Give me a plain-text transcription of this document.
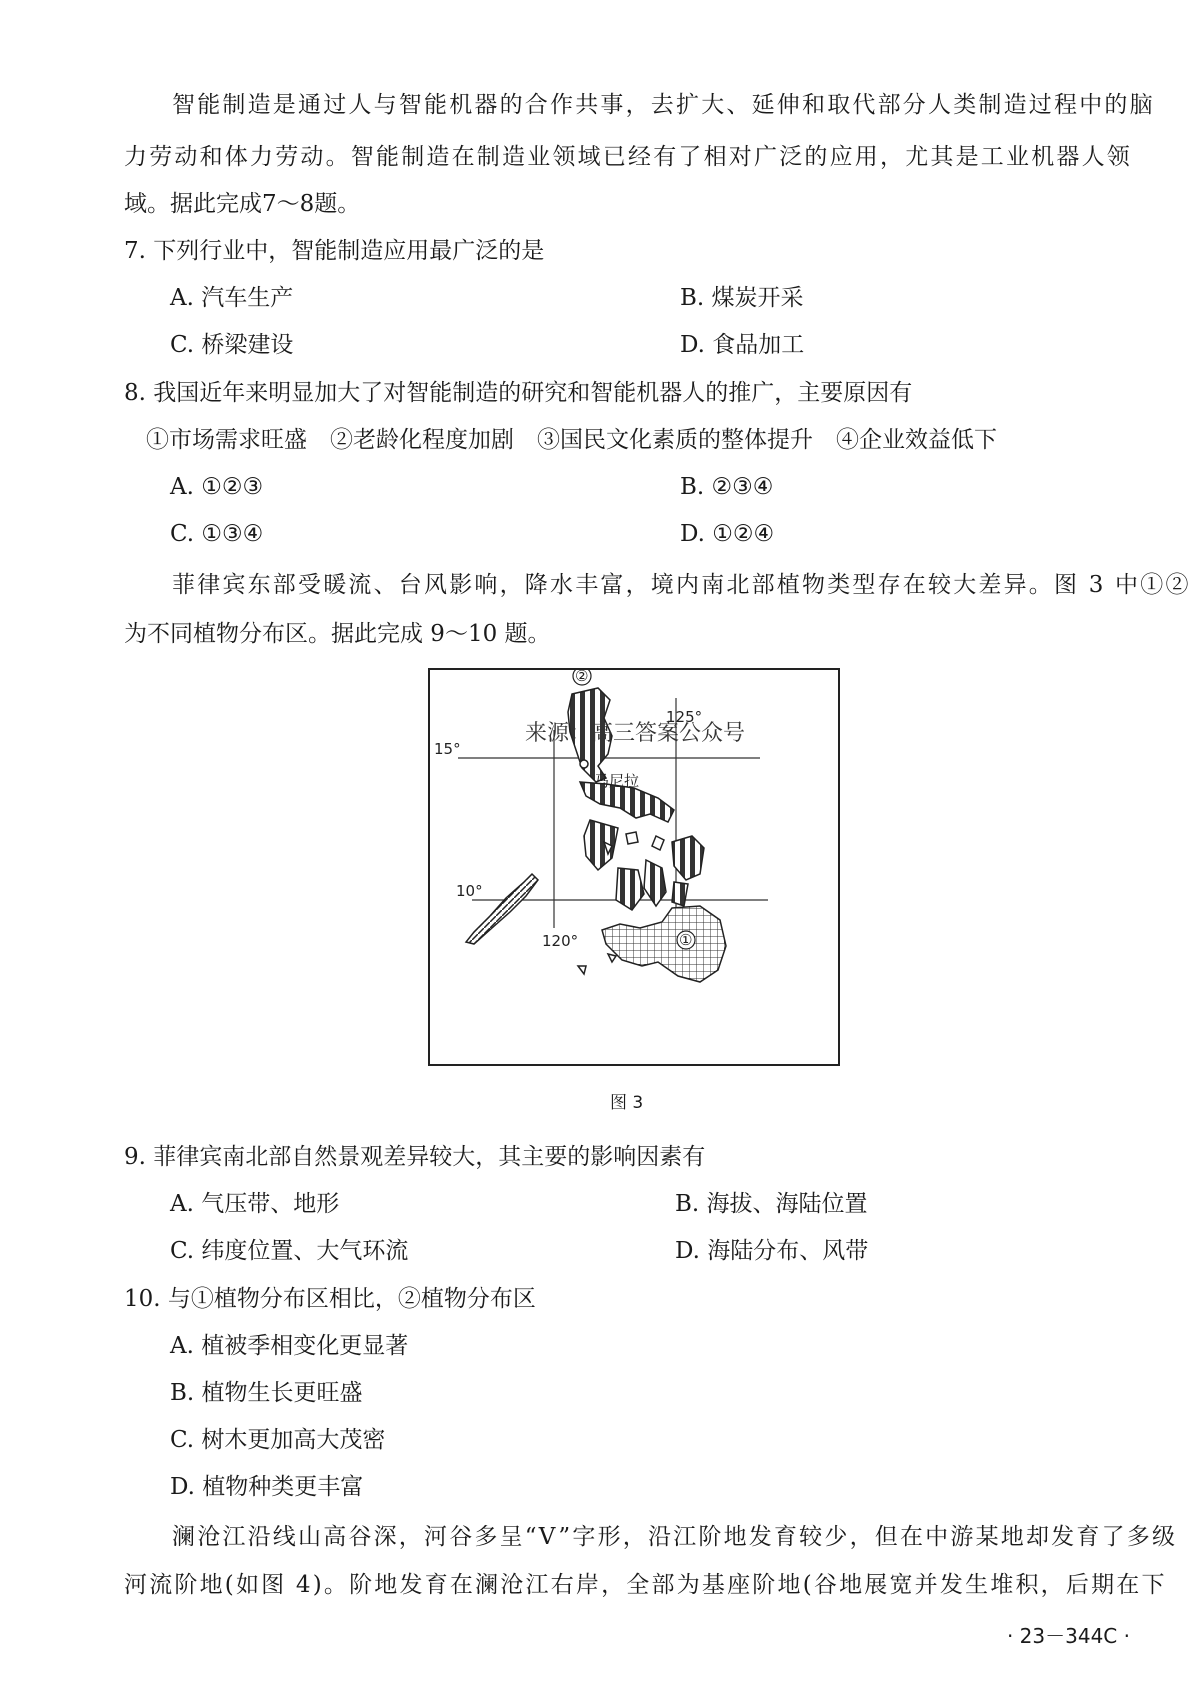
智能制造是通过人与智能机器的合作共事，去扩大、延伸和取代部分人类制造过程中的脑
力劳动和体力劳动。智能制造在制造业领域已经有了相对广泛的应用，尤其是工业机器人领
域。据此完成7～8题。
7. 下列行业中，智能制造应用最广泛的是
A. 汽车生产	B. 煤炭开采
C. 桥梁建设	D. 食品加工
8. 我国近年来明显加大了对智能制造的研究和智能机器人的推广，主要原因有
①市场需求旺盛　②老龄化程度加剧　③国民文化素质的整体提升　④企业效益低下
A. ①②③	B. ②③④
C. ①③④	D. ①②④
菲律宾东部受暖流、台风影响，降水丰富，境内南北部植物类型存在较大差异。图 3 中①②
为不同植物分布区。据此完成 9～10 题。
125°
15°
10°
120°
马尼拉
②
①
来源：高三答案公众号
图 3
9. 菲律宾南北部自然景观差异较大，其主要的影响因素有
A. 气压带、地形	B. 海拔、海陆位置
C. 纬度位置、大气环流	D. 海陆分布、风带
10. 与①植物分布区相比，②植物分布区
A. 植被季相变化更显著
B. 植物生长更旺盛
C. 树木更加高大茂密
D. 植物种类更丰富
澜沧江沿线山高谷深，河谷多呈“V”字形，沿江阶地发育较少，但在中游某地却发育了多级
河流阶地(如图 4)。阶地发育在澜沧江右岸，全部为基座阶地(谷地展宽并发生堆积，后期在下
· 23－344C ·
